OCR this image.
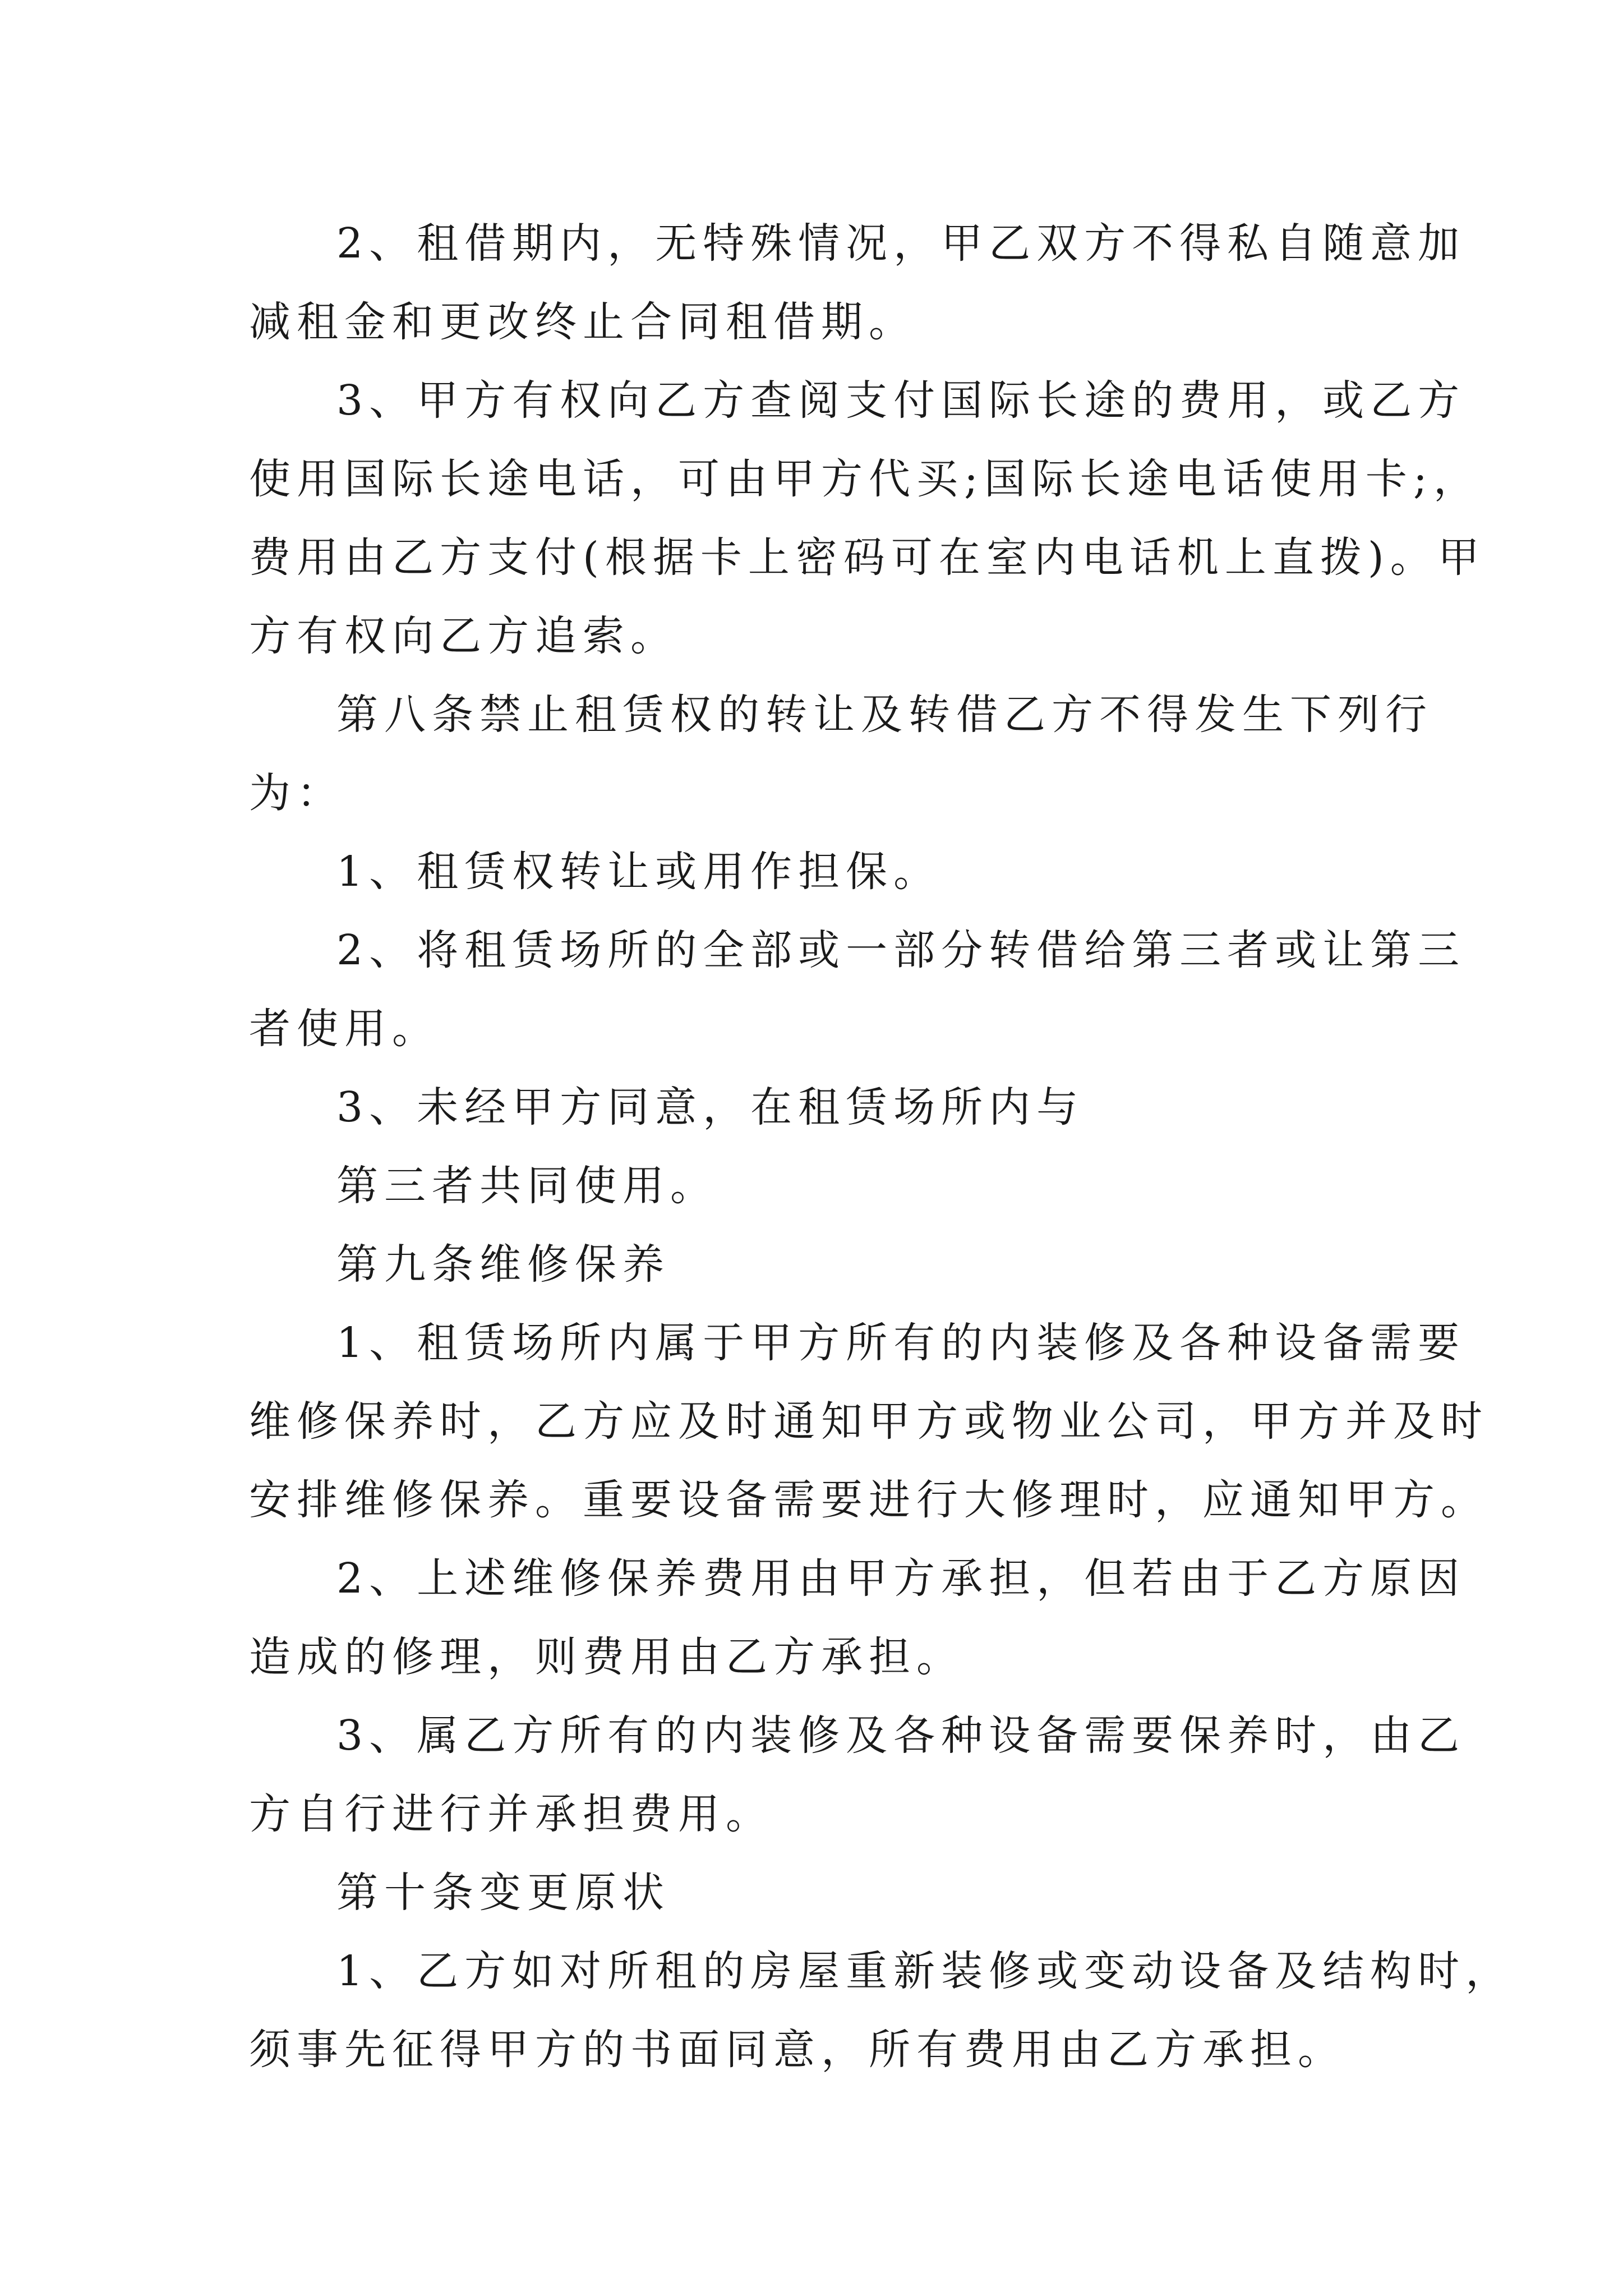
2、租借期内，无特殊情况，甲乙双方不得私自随意加
减租金和更改终止合同租借期。
3、甲方有权向乙方查阅支付国际长途的费用，或乙方
使用国际长途电话，可由甲方代买;国际长途电话使用卡;，
费用由乙方支付(根据卡上密码可在室内电话机上直拨)。甲
方有权向乙方追索。
第八条禁止租赁权的转让及转借乙方不得发生下列行
为：
1、租赁权转让或用作担保。
2、将租赁场所的全部或一部分转借给第三者或让第三
者使用。
3、未经甲方同意，在租赁场所内与
第三者共同使用。
第九条维修保养
1、租赁场所内属于甲方所有的内装修及各种设备需要
维修保养时，乙方应及时通知甲方或物业公司，甲方并及时
安排维修保养。重要设备需要进行大修理时，应通知甲方。
2、上述维修保养费用由甲方承担，但若由于乙方原因
造成的修理，则费用由乙方承担。
3、属乙方所有的内装修及各种设备需要保养时，由乙
方自行进行并承担费用。
第十条变更原状
1、乙方如对所租的房屋重新装修或变动设备及结构时，
须事先征得甲方的书面同意，所有费用由乙方承担。
